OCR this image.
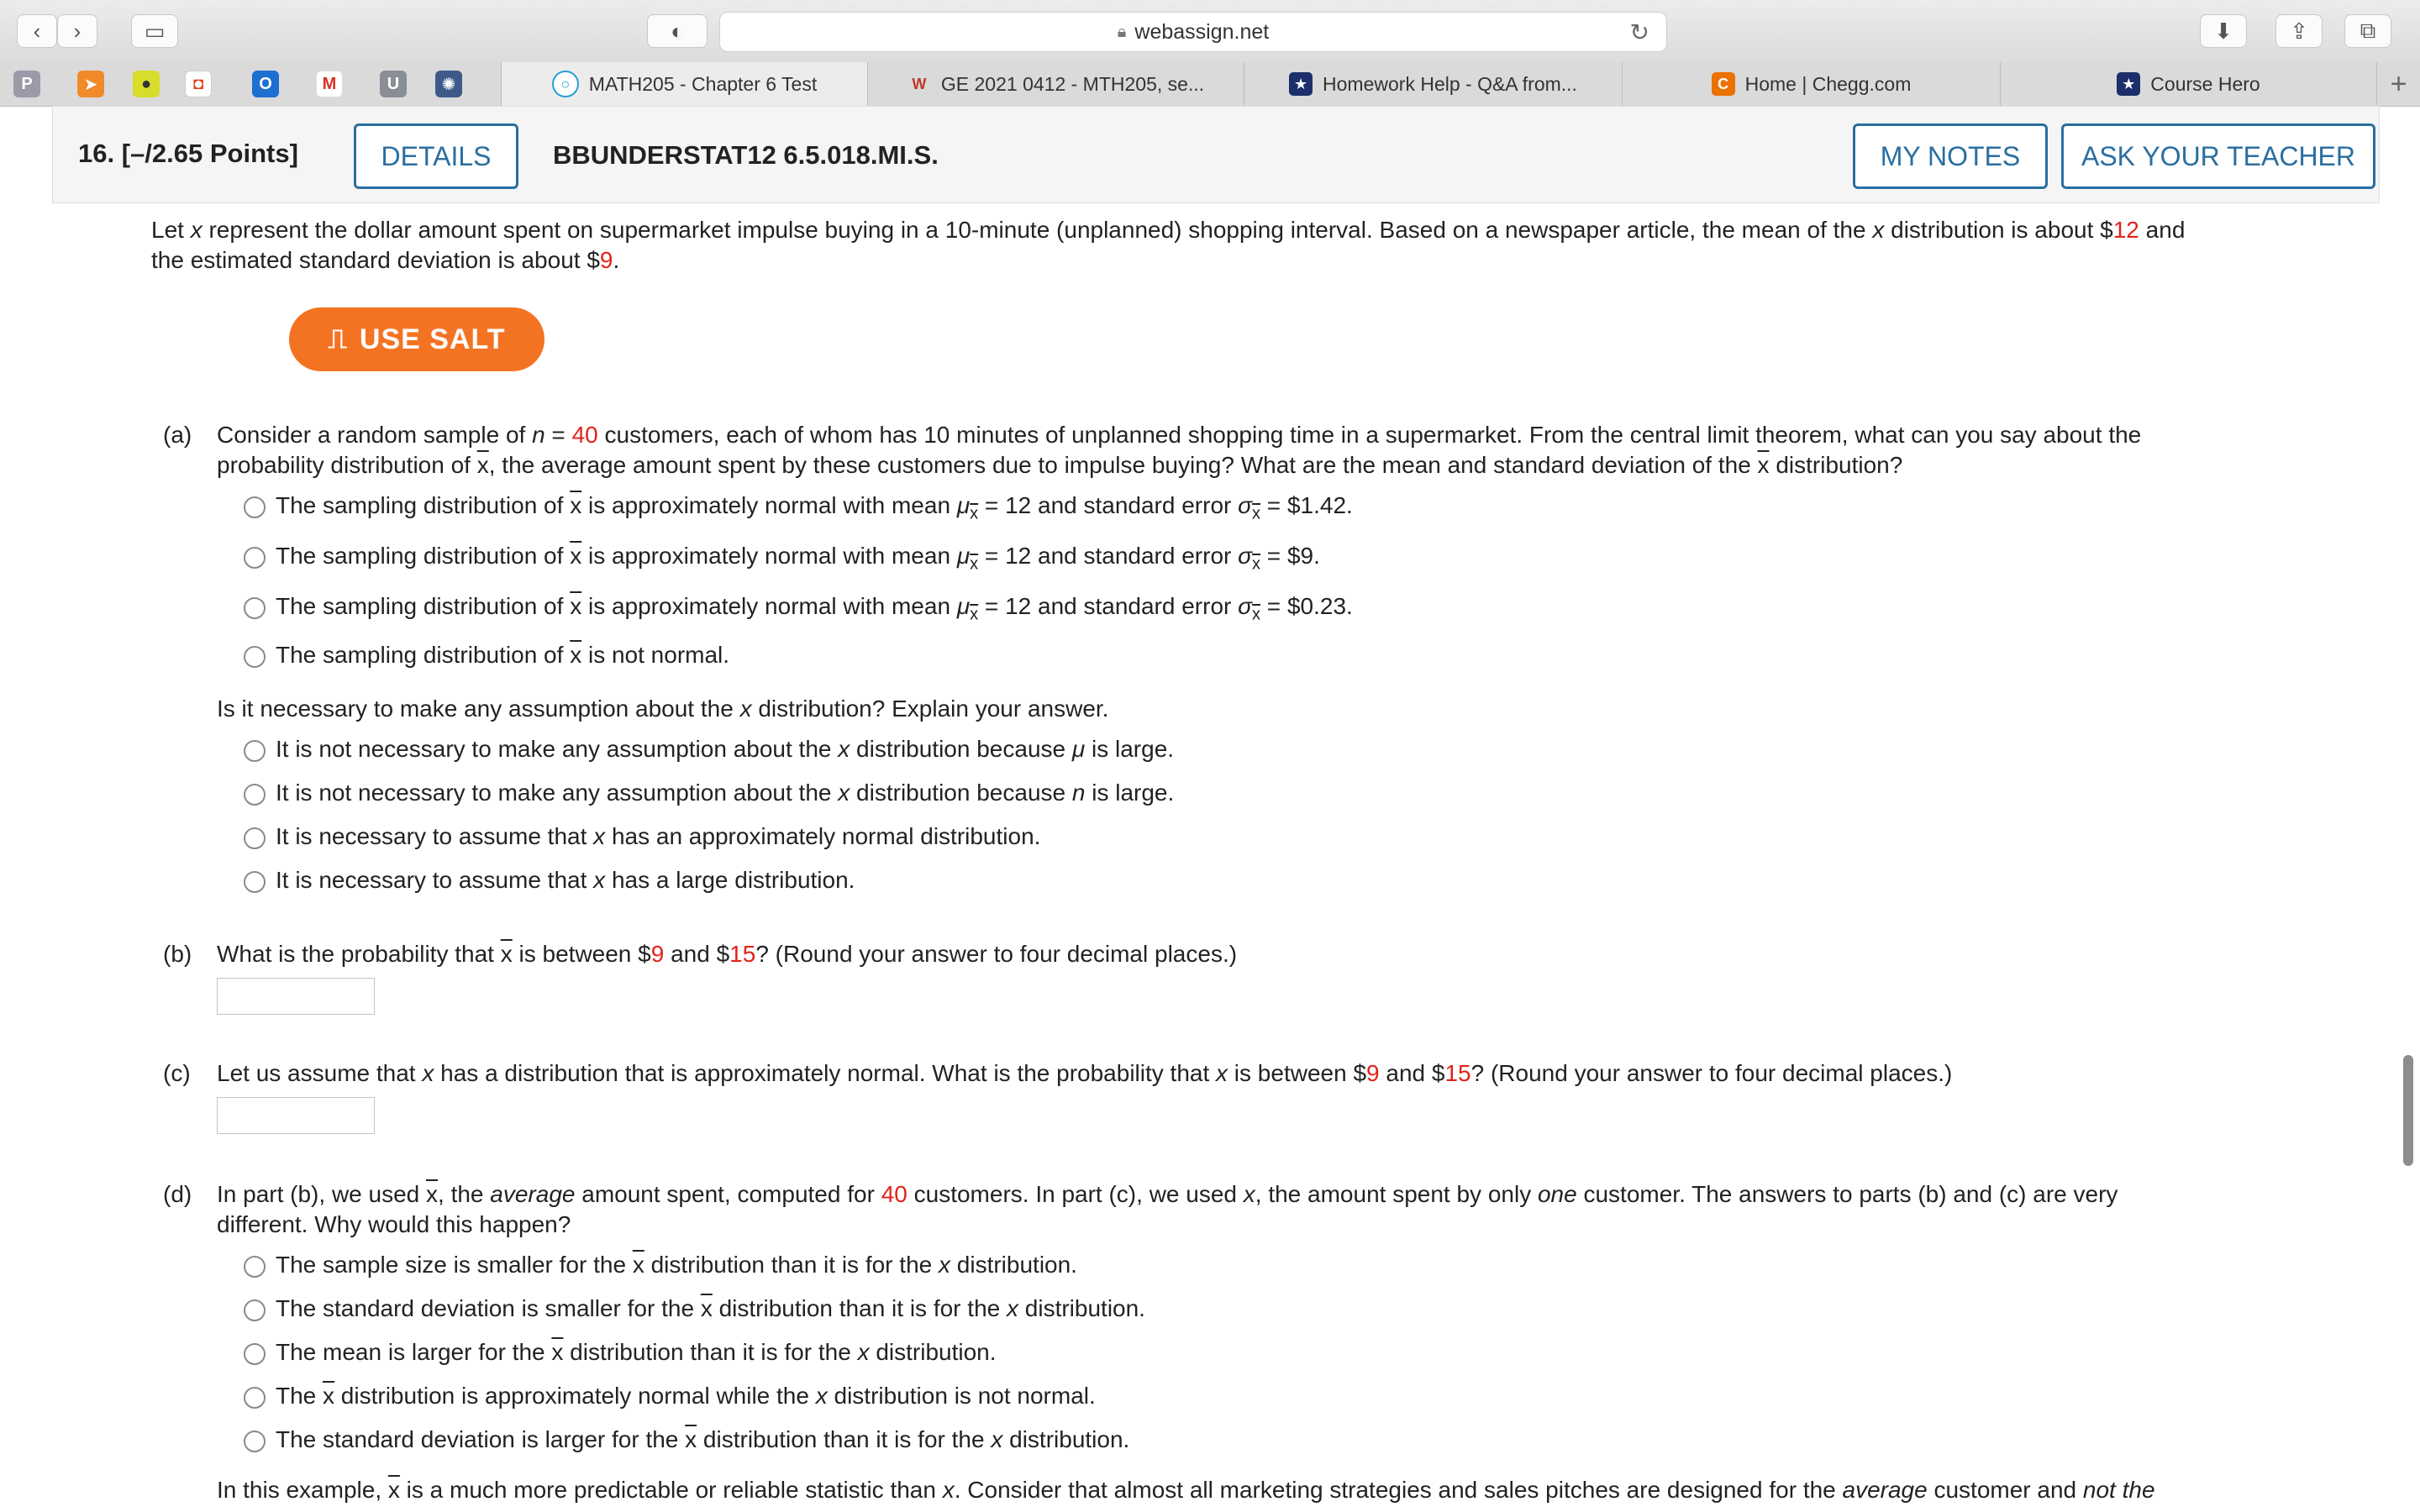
‹ ›	▭	◐	🔒︎ webassign.net	↻	⬇	⇪ ⧉
P	➤	● ◘	O	M	U	✺	○ MATH205 - Chapter 6 Test	W GE 2021 0412 - MTH205, se...	★ Homework Help - Q&A from...	C Home | Chegg.com	★ Course Hero	+
16. [–/2.65 Points]	DETAILS	BBUNDERSTAT12 6.5.018.MI.S.	MY NOTES	ASK YOUR TEACHER
Let x represent the dollar amount spent on supermarket impulse buying in a 10-minute (unplanned) shopping interval. Based on a newspaper article, the mean of the x distribution is about $12 and
the estimated standard deviation is about $9.
⎍ USE SALT
(a) Consider a random sample of n = 40 customers, each of whom has 10 minutes of unplanned shopping time in a supermarket. From the central limit theorem, what can you say about the
probability distribution of $\overline{x}$, the average amount spent by these customers due to impulse buying? What are the mean and standard deviation of the $\overline{x}$ distribution?
The sampling distribution of $\overline{x}$ is approximately normal with mean $\mu_{\overline{x}} = 12$ and standard error $\sigma_{\overline{x}}$ = $1.42.
The sampling distribution of $\overline{x}$ is approximately normal with mean $\mu_{\overline{x}} = 12$ and standard error $\sigma_{\overline{x}}$ = $9.
The sampling distribution of $\overline{x}$ is approximately normal with mean $\mu_{\overline{x}} = 12$ and standard error $\sigma_{\overline{x}}$ = $0.23.
The sampling distribution of $\overline{x}$ is not normal.
Is it necessary to make any assumption about the x distribution? Explain your answer.
It is not necessary to make any assumption about the x distribution because μ is large.
It is not necessary to make any assumption about the x distribution because n is large.
It is necessary to assume that x has an approximately normal distribution.
It is necessary to assume that x has a large distribution.
(b) What is the probability that $\overline{x}$ is between $9 and $15? (Round your answer to four decimal places.)
(c) Let us assume that x has a distribution that is approximately normal. What is the probability that x is between $9 and $15? (Round your answer to four decimal places.)
(d) In part (b), we used $\overline{x}$, the average amount spent, computed for 40 customers. In part (c), we used x, the amount spent by only one customer. The answers to parts (b) and (c) are very
different. Why would this happen?
The sample size is smaller for the $\overline{x}$ distribution than it is for the x distribution.
The standard deviation is smaller for the $\overline{x}$ distribution than it is for the x distribution.
The mean is larger for the $\overline{x}$ distribution than it is for the x distribution.
The $\overline{x}$ distribution is approximately normal while the x distribution is not normal.
The standard deviation is larger for the $\overline{x}$ distribution than it is for the x distribution.
In this example, $\overline{x}$ is a much more predictable or reliable statistic than x. Consider that almost all marketing strategies and sales pitches are designed for the average customer and not the
